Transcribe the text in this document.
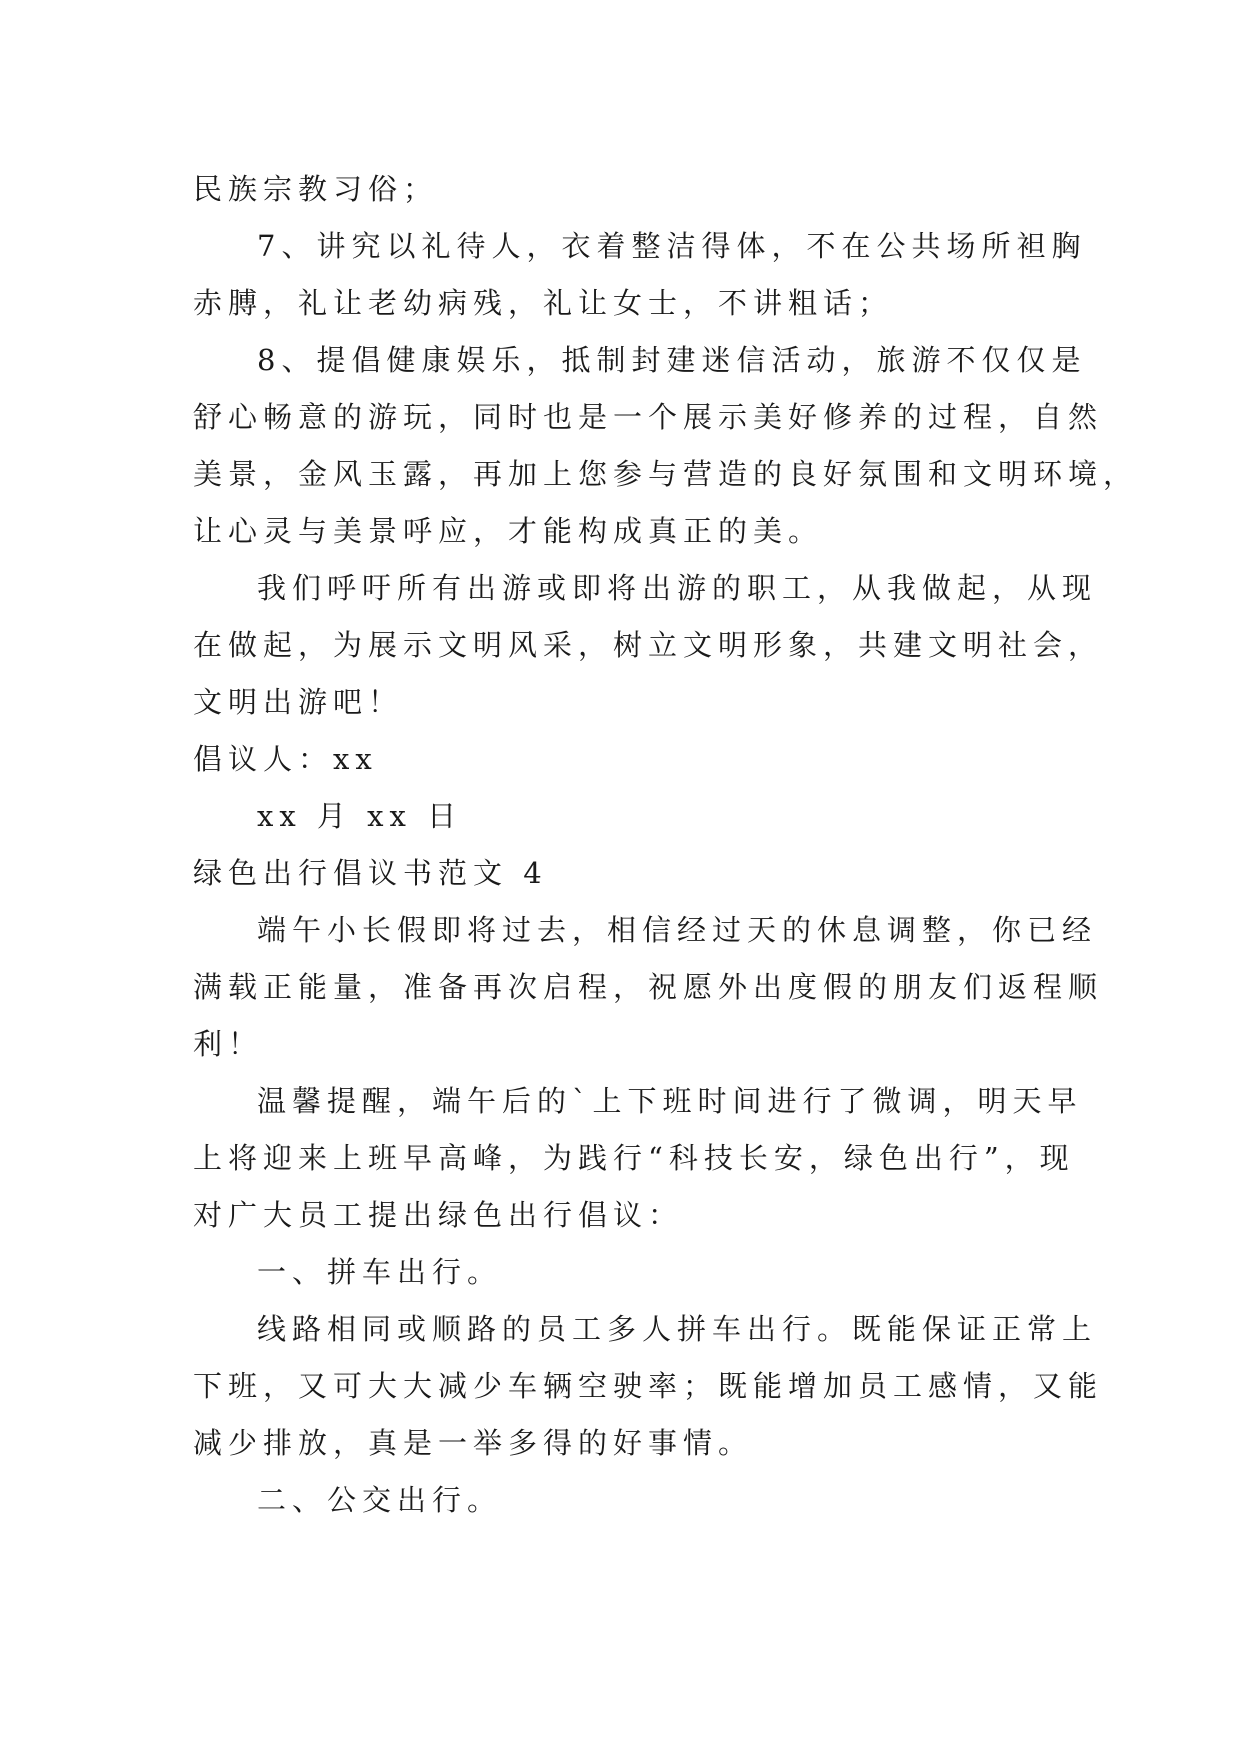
民族宗教习俗；

7、讲究以礼待人，衣着整洁得体，不在公共场所袒胸

赤膊，礼让老幼病残，礼让女士，不讲粗话；

8、提倡健康娱乐，抵制封建迷信活动，旅游不仅仅是

舒心畅意的游玩，同时也是一个展示美好修养的过程，自然

美景，金风玉露，再加上您参与营造的良好氛围和文明环境，

让心灵与美景呼应，才能构成真正的美。

我们呼吁所有出游或即将出游的职工，从我做起，从现

在做起，为展示文明风采，树立文明形象，共建文明社会，

文明出游吧！

倡议人：xx

xx 月 xx 日

绿色出行倡议书范文 4

端午小长假即将过去，相信经过天的休息调整，你已经

满载正能量，准备再次启程，祝愿外出度假的朋友们返程顺

利！

温馨提醒，端午后的`上下班时间进行了微调，明天早

上将迎来上班早高峰，为践行“科技长安，绿色出行”，现

对广大员工提出绿色出行倡议：

一、拼车出行。

线路相同或顺路的员工多人拼车出行。既能保证正常上

下班，又可大大减少车辆空驶率；既能增加员工感情，又能

减少排放，真是一举多得的好事情。

二、公交出行。
